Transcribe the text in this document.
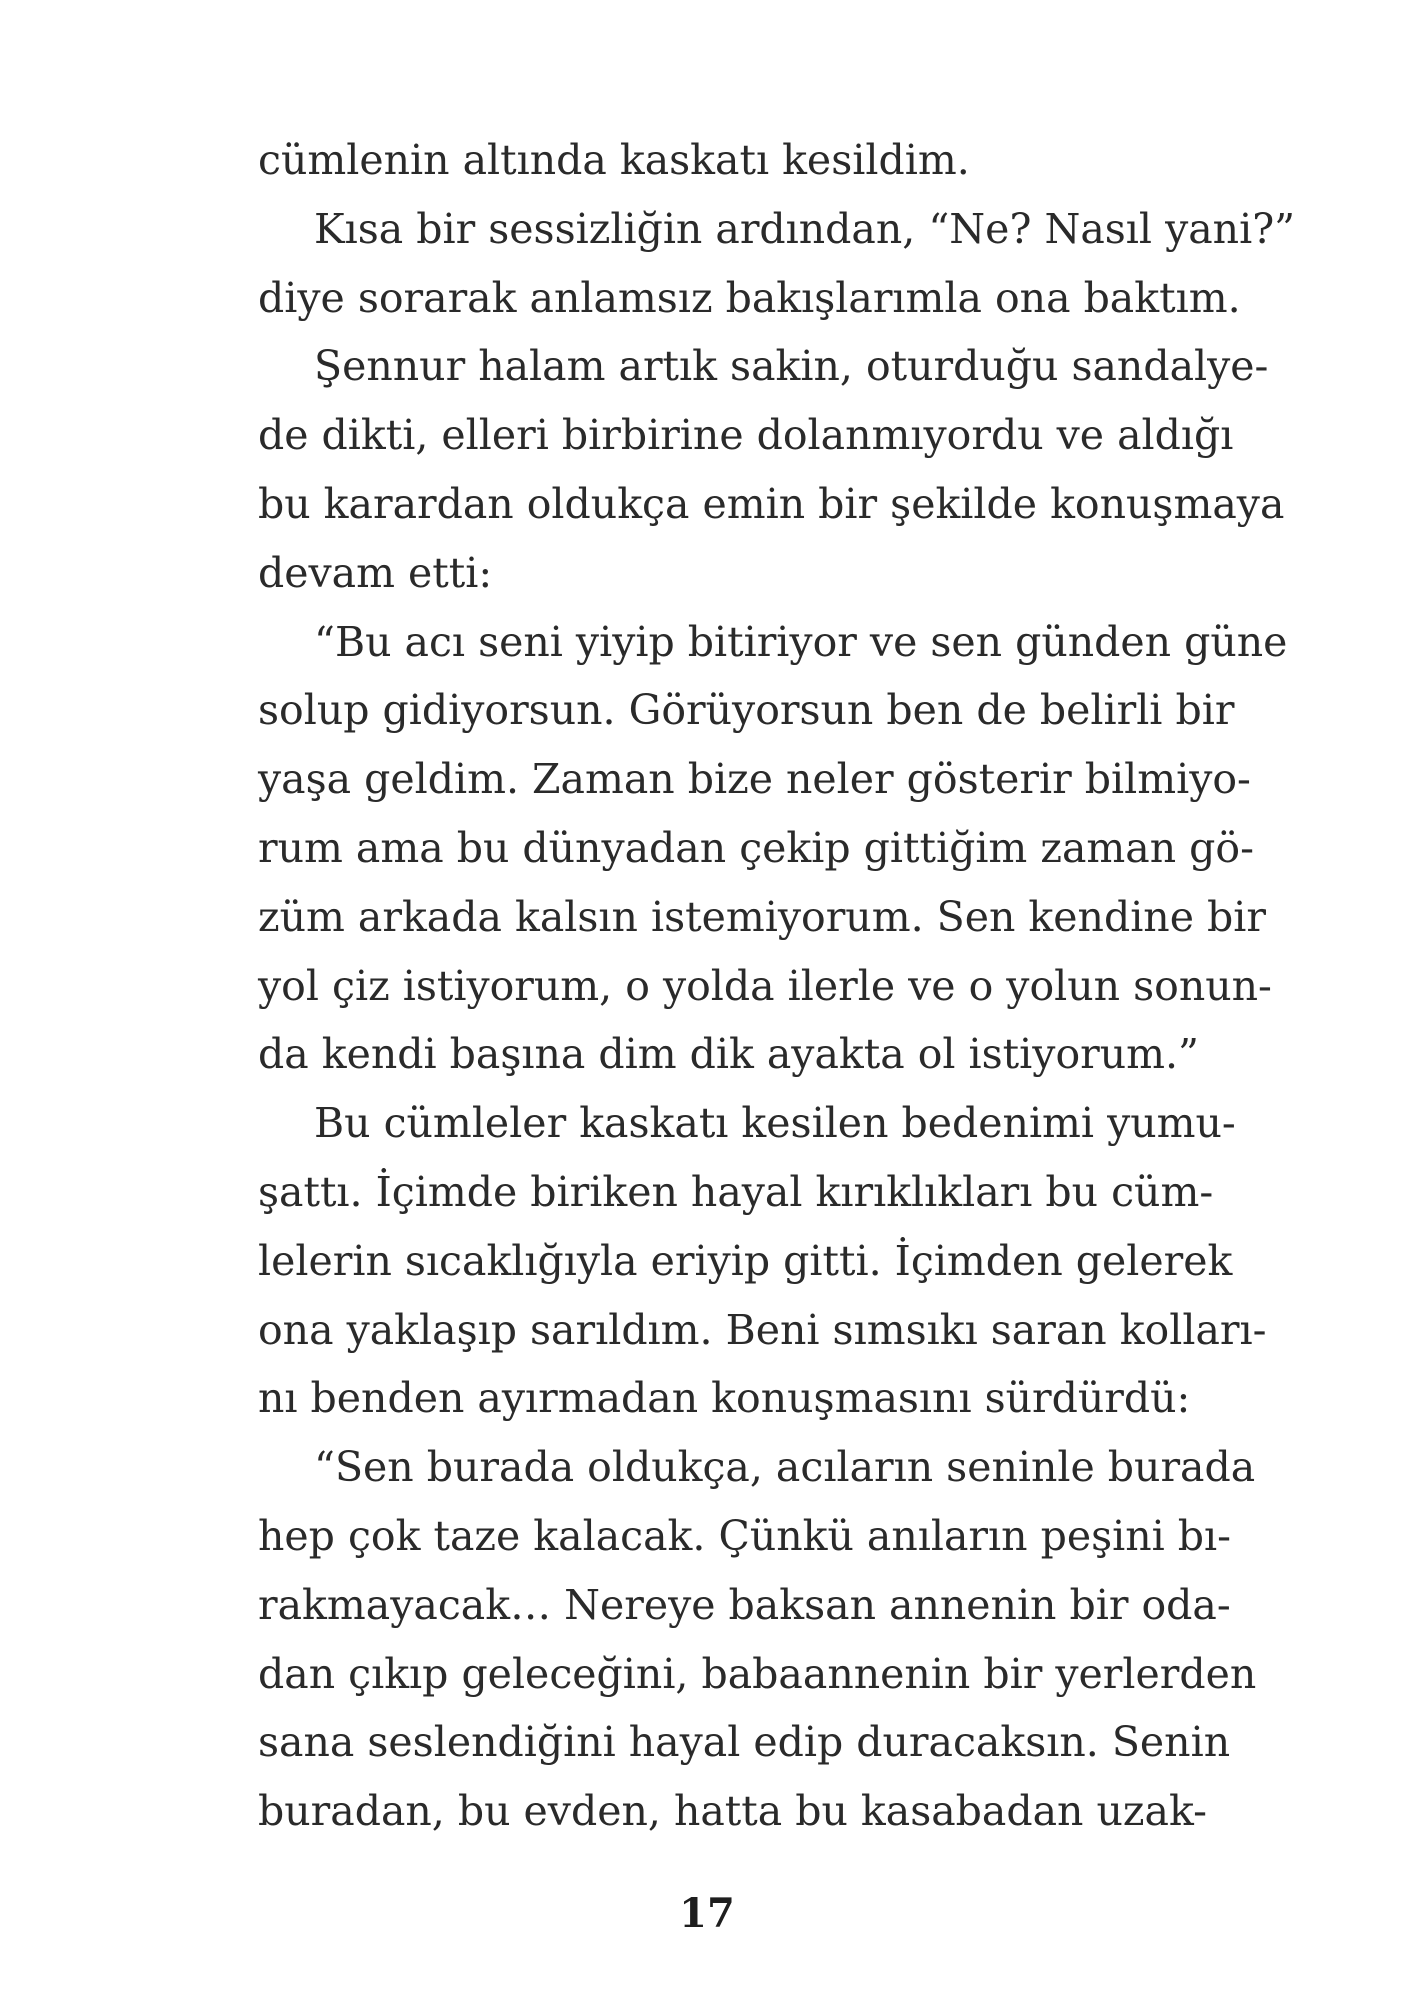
cümlenin altında kaskatı kesildim.
Kısa bir sessizliğin ardından, “Ne? Nasıl yani?”
diye sorarak anlamsız bakışlarımla ona baktım.
Şennur halam artık sakin, oturduğu sandalye-
de dikti, elleri birbirine dolanmıyordu ve aldığı
bu karardan oldukça emin bir şekilde konuşmaya
devam etti:
“Bu acı seni yiyip bitiriyor ve sen günden güne
solup gidiyorsun. Görüyorsun ben de belirli bir
yaşa geldim. Zaman bize neler gösterir bilmiyo-
rum ama bu dünyadan çekip gittiğim zaman gö-
züm arkada kalsın istemiyorum. Sen kendine bir
yol çiz istiyorum, o yolda ilerle ve o yolun sonun-
da kendi başına dim dik ayakta ol istiyorum.”
Bu cümleler kaskatı kesilen bedenimi yumu-
şattı. İçimde biriken hayal kırıklıkları bu cüm-
lelerin sıcaklığıyla eriyip gitti. İçimden gelerek
ona yaklaşıp sarıldım. Beni sımsıkı saran kolları-
nı benden ayırmadan konuşmasını sürdürdü:
“Sen burada oldukça, acıların seninle burada
hep çok taze kalacak. Çünkü anıların peşini bı-
rakmayacak… Nereye baksan annenin bir oda-
dan çıkıp geleceğini, babaannenin bir yerlerden
sana seslendiğini hayal edip duracaksın. Senin
buradan, bu evden, hatta bu kasabadan uzak-
17
